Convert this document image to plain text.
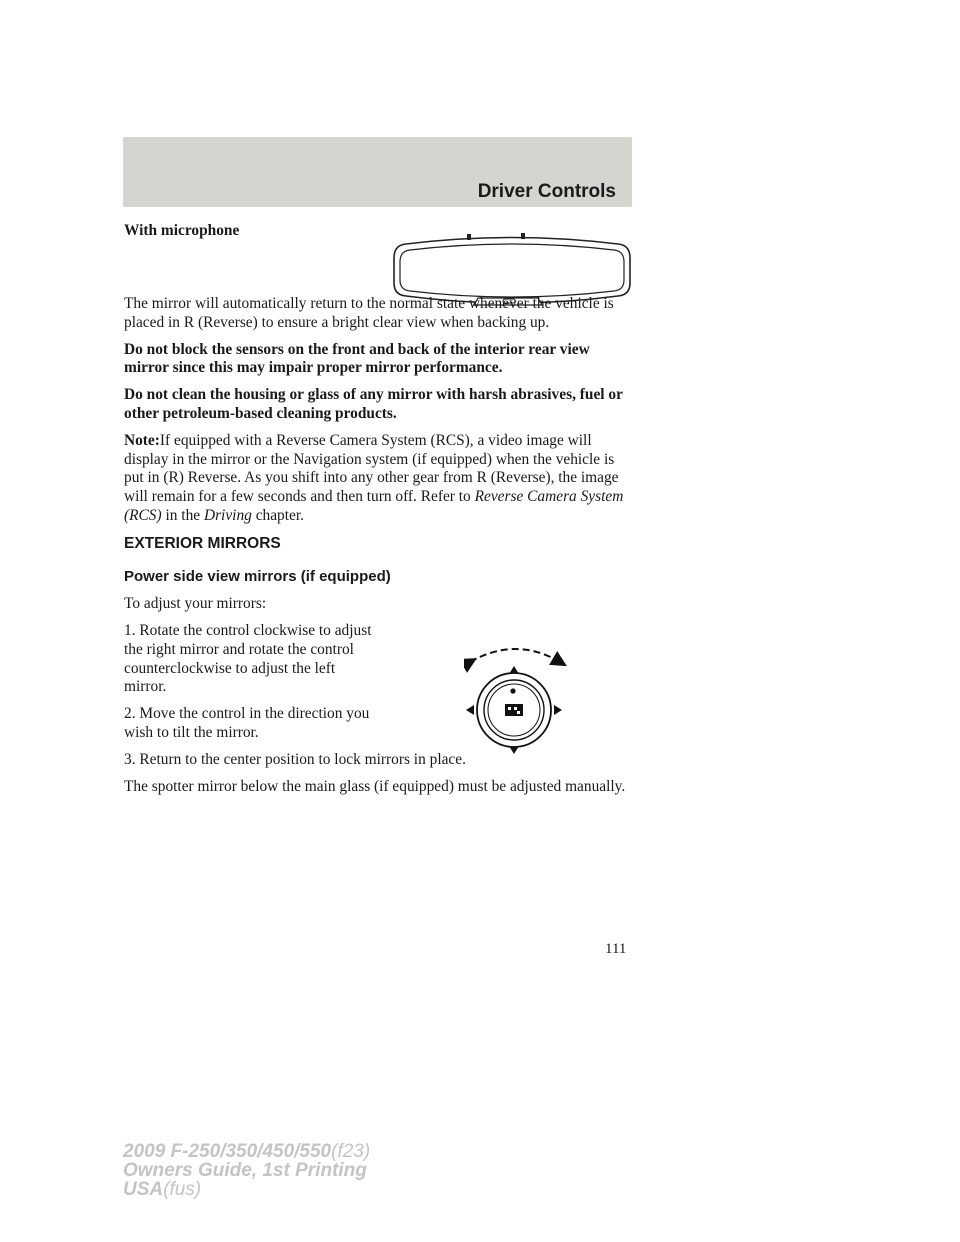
Driver Controls

With microphone

The mirror will automatically return to the normal state whenever the vehicle is placed in R (Reverse) to ensure a bright clear view when backing up.

Do not block the sensors on the front and back of the interior rear view mirror since this may impair proper mirror performance.

Do not clean the housing or glass of any mirror with harsh abrasives, fuel or other petroleum-based cleaning products.

Note:If equipped with a Reverse Camera System (RCS), a video image will display in the mirror or the Navigation system (if equipped) when the vehicle is put in (R) Reverse. As you shift into any other gear from R (Reverse), the image will remain for a few seconds and then turn off. Refer to Reverse Camera System (RCS) in the Driving chapter.

EXTERIOR MIRRORS
Power side view mirrors (if equipped)

To adjust your mirrors:

1. Rotate the control clockwise to adjust the right mirror and rotate the control counterclockwise to adjust the left mirror.

2. Move the control in the direction you wish to tilt the mirror.

3. Return to the center position to lock mirrors in place.

The spotter mirror below the main glass (if equipped) must be adjusted manually.

111
2009 F-250/350/450/550(f23)
Owners Guide, 1st Printing
USA(fus)
